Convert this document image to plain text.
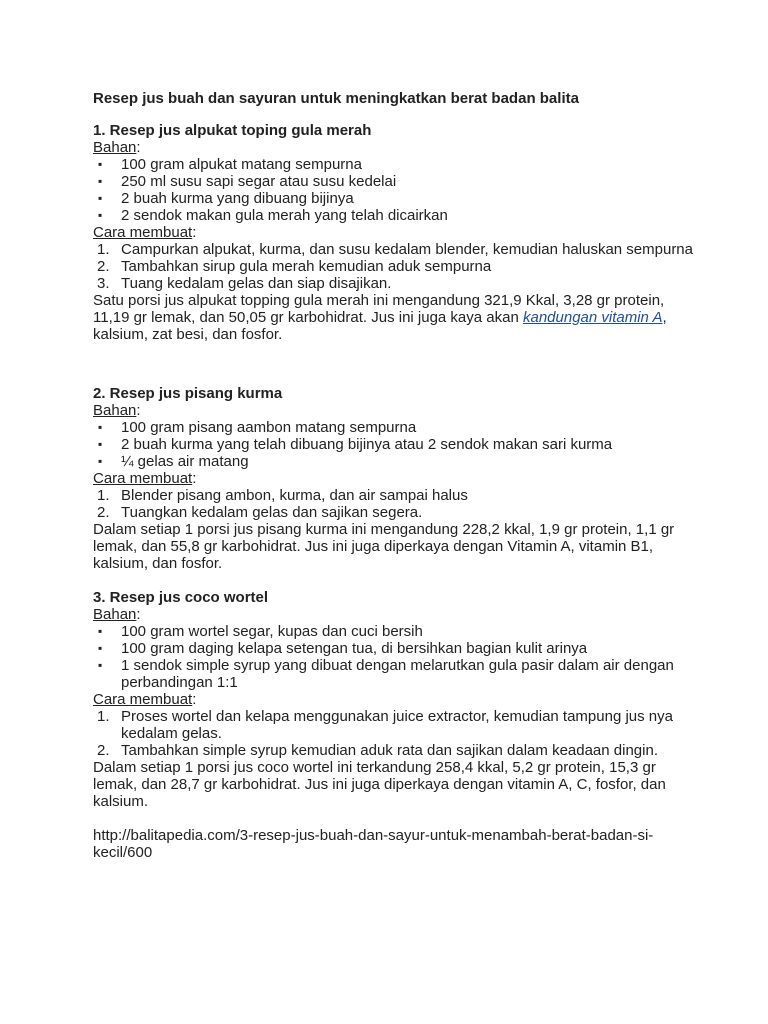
Resep jus buah dan sayuran untuk meningkatkan berat badan balita
1. Resep jus alpukat toping gula merah
Bahan:
▪	100 gram alpukat matang sempurna
▪	250 ml susu sapi segar atau susu kedelai
▪	2 buah kurma yang dibuang bijinya
▪	2 sendok makan gula merah yang telah dicairkan
Cara membuat:
1. Campurkan alpukat, kurma, dan susu kedalam blender, kemudian haluskan sempurna
2. Tambahkan sirup gula merah kemudian aduk sempurna
3. Tuang kedalam gelas dan siap disajikan.

Satu porsi jus alpukat topping gula merah ini mengandung 321,9 Kkal, 3,28 gr protein, 11,19 gr lemak, dan 50,05 gr karbohidrat. Jus ini juga kaya akan kandungan vitamin A, kalsium, zat besi, dan fosfor.

2. Resep jus pisang kurma
Bahan:
▪	100 gram pisang aambon matang sempurna
▪	2 buah kurma yang telah dibuang bijinya atau 2 sendok makan sari kurma
▪	¼ gelas air matang
Cara membuat:
1. Blender pisang ambon, kurma, dan air sampai halus
2. Tuangkan kedalam gelas dan sajikan segera.

Dalam setiap 1 porsi jus pisang kurma ini mengandung 228,2 kkal, 1,9 gr protein, 1,1 gr lemak, dan 55,8 gr karbohidrat. Jus ini juga diperkaya dengan Vitamin A, vitamin B1, kalsium, dan fosfor.

3. Resep jus coco wortel
Bahan:
▪	100 gram wortel segar, kupas dan cuci bersih
▪	100 gram daging kelapa setengan tua, di bersihkan bagian kulit arinya
▪	1 sendok simple syrup yang dibuat dengan melarutkan gula pasir dalam air dengan perbandingan 1:1
Cara membuat:
1. Proses wortel dan kelapa menggunakan juice extractor, kemudian tampung jus nya kedalam gelas.
2. Tambahkan simple syrup kemudian aduk rata dan sajikan dalam keadaan dingin.

Dalam setiap 1 porsi jus coco wortel ini terkandung 258,4 kkal, 5,2 gr protein, 15,3 gr lemak, dan 28,7 gr karbohidrat. Jus ini juga diperkaya dengan vitamin A, C, fosfor, dan kalsium.

http://balitapedia.com/3-resep-jus-buah-dan-sayur-untuk-menambah-berat-badan-si-kecil/600
